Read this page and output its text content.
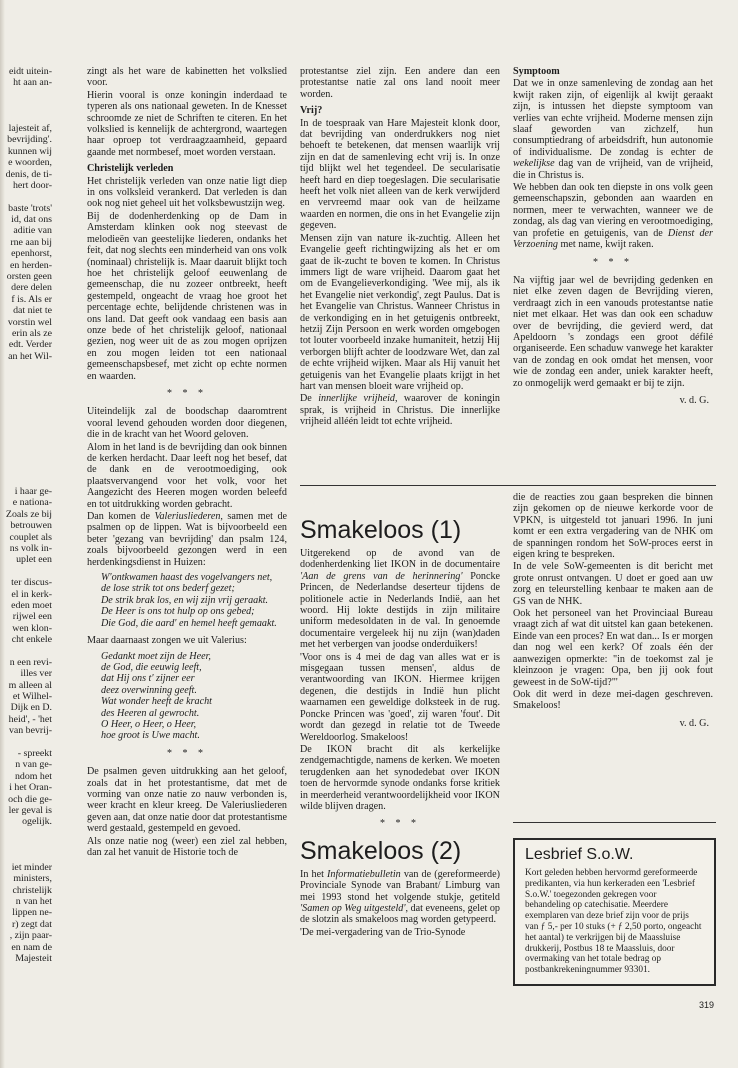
eidt uitein-
ht aan an-
lajesteit af,
bevrijding'.
kunnen wij
e woorden,
denis, de ti-
hert door-
baste 'trots'
id, dat ons
aditie van
rne aan bij
epenhorst,
en herden-
orsten geen
dere delen
f is. Als er
dat niet te
vorstin wel
erin als ze
edt. Verder
an het Wil-
i haar ge-
e nationa-
Zoals ze bij
betrouwen
couplet als
ns volk in-
uplet een
ter discus-
el in kerk-
eden moet
rijwel een
wen klon-
cht enkele
n een revi-
illes ver
m alleen al
et Wilhel-
Dijk en D.
heid', - 'het
van bevrij-
- spreekt
n van ge-
ndom het
i het Oran-
och die ge-
ler geval is
ogelijk.
iet minder
ministers,
christelijk
n van het
lippen ne-
r) zegt dat
, zijn paar-
en nam de
Majesteit

zingt als het ware de kabinetten het volkslied voor.

Hierin vooral is onze koningin inderdaad te typeren als ons nationaal geweten. In de Knesset schroomde ze niet de Schriften te citeren. En het volkslied is kennelijk de achtergrond, waartegen haar oproep tot verdraagzaamheid, gepaard gaande met normbesef, moet worden verstaan.

Christelijk verleden

Het christelijk verleden van onze natie ligt diep in ons volksleid verankerd. Dat verleden is dan ook nog niet geheel uit het volksbewustzijn weg.

Bij de dodenherdenking op de Dam in Amsterdam klinken ook nog steevast de melodieën van geestelijke liederen, ondanks het feit, dat nog slechts een minderheid van ons volk (nominaal) christelijk is. Maar daaruit blijkt toch hoe het christelijk geloof eeuwenlang de gemeenschap, die nu zozeer ontbreekt, heeft gestempeld, ongeacht de vraag hoe groot het percentage echte, belijdende christenen was in ons land. Dat geeft ook vandaag een basis aan onze bede of het christelijk geloof, nationaal gezien, nog weer uit de as zou mogen oprijzen en zou mogen leiden tot een nationaal gemeenschapsbesef, met zicht op echte normen en waarden.

* * *

Uiteindelijk zal de boodschap daaromtrent vooral levend gehouden worden door diegenen, die in de kracht van het Woord geloven.

Alom in het land is de bevrijding dan ook binnen de kerken herdacht. Daar leeft nog het besef, dat de dank en de verootmoediging, ook plaatsvervangend voor het volk, voor het Aangezicht des Heeren mogen worden beleefd en tot uitdrukking worden gebracht.

Dan komen de Valeriusliederen, samen met de psalmen op de lippen. Wat is bijvoorbeeld een beter 'gezang van bevrijding' dan psalm 124, zoals bijvoorbeeld gezongen werd in een herdenkingsdienst in Huizen:

W'ontkwamen haast des vogelvangers net,
de lose strik tot ons bederf gezet;
De strik brak los, en wij zijn vrij geraakt.
De Heer is ons tot hulp op ons gebed;
Die God, die aard' en hemel heeft gemaakt.

Maar daarnaast zongen we uit Valerius:

Gedankt moet zijn de Heer,
de God, die eeuwig leeft,
dat Hij ons t' zijner eer
deez overwinning geeft.
Wat wonder heeft de kracht
des Heeren al gewrocht.
O Heer, o Heer, o Heer,
hoe groot is Uwe macht.
* * *

De psalmen geven uitdrukking aan het geloof, zoals dat in het protestantisme, dat met de vorming van onze natie zo nauw verbonden is, weer kracht en kleur kreeg. De Valeriusliederen geven aan, dat onze natie door dat protestantisme werd gestaald, gestempeld en gevoed.

Als onze natie nog (weer) een ziel zal hebben, dan zal het vanuit de Historie toch de

protestantse ziel zijn. Een andere dan een protestantse natie zal ons land nooit meer worden.

Vrij?

In de toespraak van Hare Majesteit klonk door, dat bevrijding van onderdrukkers nog niet behoeft te betekenen, dat mensen waarlijk vrij zijn en dat de samenleving echt vrij is. In onze tijd blijkt wel het tegendeel. De secularisatie heeft hard en diep toegeslagen. Die secularisatie heeft het volk niet alleen van de kerk verwijderd en vervreemd maar ook van de heilzame waarden en normen, die ons in het Evangelie zijn gegeven.

Mensen zijn van nature ik-zuchtig. Alleen het Evangelie geeft richtingwijzing als het er om gaat de ik-zucht te boven te komen. In Christus immers ligt de ware vrijheid. Daarom gaat het om de Evangelieverkondiging. 'Wee mij, als ik het Evangelie niet verkondig', zegt Paulus. Dat is het Evangelie van Christus. Wanneer Christus in de verkondiging en in het getuigenis ontbreekt, hetzij Zijn Persoon en werk worden omgebogen tot louter voorbeeld inzake humaniteit, hetzij Hij verborgen blijft achter de loodzware Wet, dan zal de echte vrijheid wijken. Maar als Hij vanuit het getuigenis van het Evangelie plaats krijgt in het hart van mensen bloeit ware vrijheid op.

De innerlijke vrijheid, waarover de koningin sprak, is vrijheid in Christus. Die innerlijke vrijheid alléén leidt tot echte vrijheid.

Symptoom

Dat we in onze samenleving de zondag aan het kwijt raken zijn, of eigenlijk al kwijt geraakt zijn, is intussen het diepste symptoom van verlies van echte vrijheid. Moderne mensen zijn slaaf geworden van zichzelf, hun consumptiedrang of arbeidsdrift, hun autonomie of individualisme. De zondag is echter de wekelijkse dag van de vrijheid, van de vrijheid, die in Christus is.

We hebben dan ook ten diepste in ons volk geen gemeenschapszin, gebonden aan waarden en normen, meer te verwachten, wanneer we de zondag, als dag van viering en verootmoediging, van profetie en getuigenis, van de Dienst der Verzoening met name, kwijt raken.

* * *

Na vijftig jaar wel de bevrijding gedenken en niet elke zeven dagen de Bevrijding vieren, verdraagt zich in een vanouds protestantse natie niet met elkaar. Het was dan ook een schaduw over de bevrijding, die gevierd werd, dat Apeldoorn 's zondags een groot défilé organiseerde. Een schaduw vanwege het karakter van de zondag en ook omdat het mensen, voor wie de zondag een ander, uniek karakter heeft, zo onmogelijk werd gemaakt er bij te zijn.

v. d. G.
Smakeloos (1)

Uitgerekend op de avond van de dodenherdenking liet IKON in de documentaire 'Aan de grens van de herinnering' Poncke Princen, de Nederlandse deserteur tijdens de politionele actie in Nederlands Indië, aan het woord. Hij lokte destijds in zijn militaire uniform medesoldaten in de val. In genoemde documentaire vergeleek hij nu zijn (wan)daden met het verbergen van joodse onderduikers!

'Voor ons is 4 mei de dag van alles wat er is misgegaan tussen mensen', aldus de verantwoording van IKON. Hiermee krijgen degenen, die destijds in Indië hun plicht waarnamen een geweldige dolksteek in de rug. Poncke Princen was 'goed', zij waren 'fout'. Dit wordt dan gezegd in relatie tot de Tweede Wereldoorlog. Smakeloos!

De IKON bracht dit als kerkelijke zendgemachtigde, namens de kerken. We moeten terugdenken aan het synodedebat over IKON toen de hervormde synode ondanks forse kritiek in meerderheid verantwoordelijkheid voor IKON wilde blijven dragen.

* * *
Smakeloos (2)

In het Informatiebulletin van de (gereformeerde) Provinciale Synode van Brabant/ Limburg van mei 1993 stond het volgende stukje, getiteld 'Samen op Weg uitgesteld', dat eveneens, gelet op de slotzin als smakeloos mag worden getypeerd.

'De mei-vergadering van de Trio-Synode

die de reacties zou gaan bespreken die binnen zijn gekomen op de nieuwe kerkorde voor de VPKN, is uitgesteld tot januari 1996. In juni komt er een extra vergadering van de NHK om de spanningen rondom het SoW-proces eerst in eigen kring te bespreken.

In de vele SoW-gemeenten is dit bericht met grote onrust ontvangen. U doet er goed aan uw zorg en teleurstelling kenbaar te maken aan de GS van de NHK.

Ook het personeel van het Provinciaal Bureau vraagt zich af wat dit uitstel kan gaan betekenen. Einde van een proces? En wat dan... Is er morgen dan nog wel een kerk? Of zoals één der aanwezigen opmerkte: "in de toekomst zal je kleinzoon je vragen: Opa, ben jij ook fout geweest in de SoW-tijd?"'

Ook dit werd in deze mei-dagen geschreven. Smakeloos!

v. d. G.
Lesbrief S.o.W.
Kort geleden hebben hervormd gereformeerde predikanten, via hun kerkeraden een 'Lesbrief S.o.W.' toegezonden gekregen voor behandeling op catechisatie. Meerdere exemplaren van deze brief zijn voor de prijs van ƒ 5,- per 10 stuks (+ ƒ 2,50 porto, ongeacht het aantal) te verkrijgen bij de Maassluise drukkerij, Postbus 18 te Maassluis, door overmaking van het totale bedrag op postbankrekeningnummer 93301.
319
